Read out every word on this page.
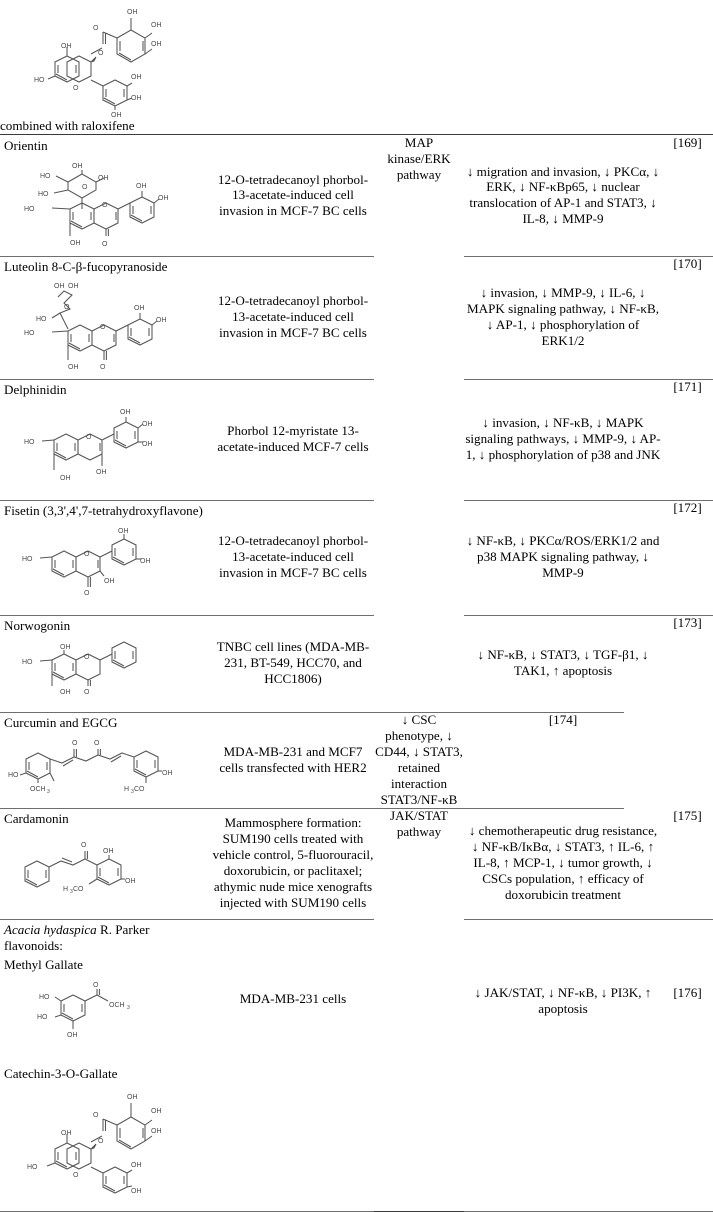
OH
OH
OH
O
O
OH
HO
O
OH
OH
OH

combined with raloxifene				

Orientin
OH
HO	OH
HO
O
HO
OH
O
O
OH
OH
	12-O-tetradecanoyl phorbol-13-acetate-induced cell invasion in MCF-7 BC cells	MAP kinase/ERK pathway	↓ migration and invasion, ↓ PKCα, ↓ ERK, ↓ NF-κBp65, ↓ nuclear translocation of AP-1 and STAT3, ↓ IL-8, ↓ MMP-9	[169]

Luteolin 8-C-β-fucopyranoside
OH OH
O
HO
HO
OH
O
O
OH
OH
	12-O-tetradecanoyl phorbol-13-acetate-induced cell invasion in MCF-7 BC cells	↓ invasion, ↓ MMP-9, ↓ IL-6, ↓ MAPK signaling pathway, ↓ NF-κB, ↓ AP-1, ↓ phosphorylation of ERK1/2	[170]

Delphinidin
HO
OH
O
OH
OH
OH
OH
	Phorbol 12-myristate 13-acetate-induced MCF-7 cells	↓ invasion, ↓ NF-κB, ↓ MAPK signaling pathways, ↓ MMP-9, ↓ AP-1, ↓ phosphorylation of p38 and JNK	[171]

Fisetin (3,3',4',7-tetrahydroxyflavone)
HO
O
O
OH
OH
OH
	12-O-tetradecanoyl phorbol-13-acetate-induced cell invasion in MCF-7 BC cells	↓ NF-κB, ↓ PKCα/ROS/ERK1/2 and p38 MAPK signaling pathway, ↓ MMP-9	[172]

Norwogonin
HO
OH
OH
O
O
	TNBC cell lines (MDA-MB-231, BT-549, HCC70, and HCC1806)	↓ NF-κB, ↓ STAT3, ↓ TGF-β1, ↓ TAK1, ↑ apoptosis	[173]

Curcumin and EGCG
HO
OCH 3
O O
OH
H 3 CO
	MDA-MB-231 and MCF7 cells transfected with HER2	↓ CSC phenotype, ↓ CD44, ↓ STAT3, retained interaction STAT3/NF-κB	[174]

Cardamonin
O
OH
OH
H 3 CO
	Mammosphere formation: SUM190 cells treated with vehicle control, 5-fluorouracil, doxorubicin, or paclitaxel; athymic nude mice xenografts injected with SUM190 cells	JAK/STAT pathway	↓ chemotherapeutic drug resistance, ↓ NF-κB/IκBα, ↓ STAT3, ↑ IL-6, ↑ IL-8, ↑ MCP-1, ↓ tumor growth, ↓ CSCs population, ↑ efficacy of doxorubicin treatment	[175]

Acacia hydaspica R. Parker flavonoids:
Methyl Gallate
HO
HO
OH
O
OCH 3
Catechin-3-O-Gallate
OH
OH
OH
O
O
OH
HO
O
OH
OH
	MDA-MB-231 cells	↓ JAK/STAT, ↓ NF-κB, ↓ PI3K, ↑ apoptosis	[176]
